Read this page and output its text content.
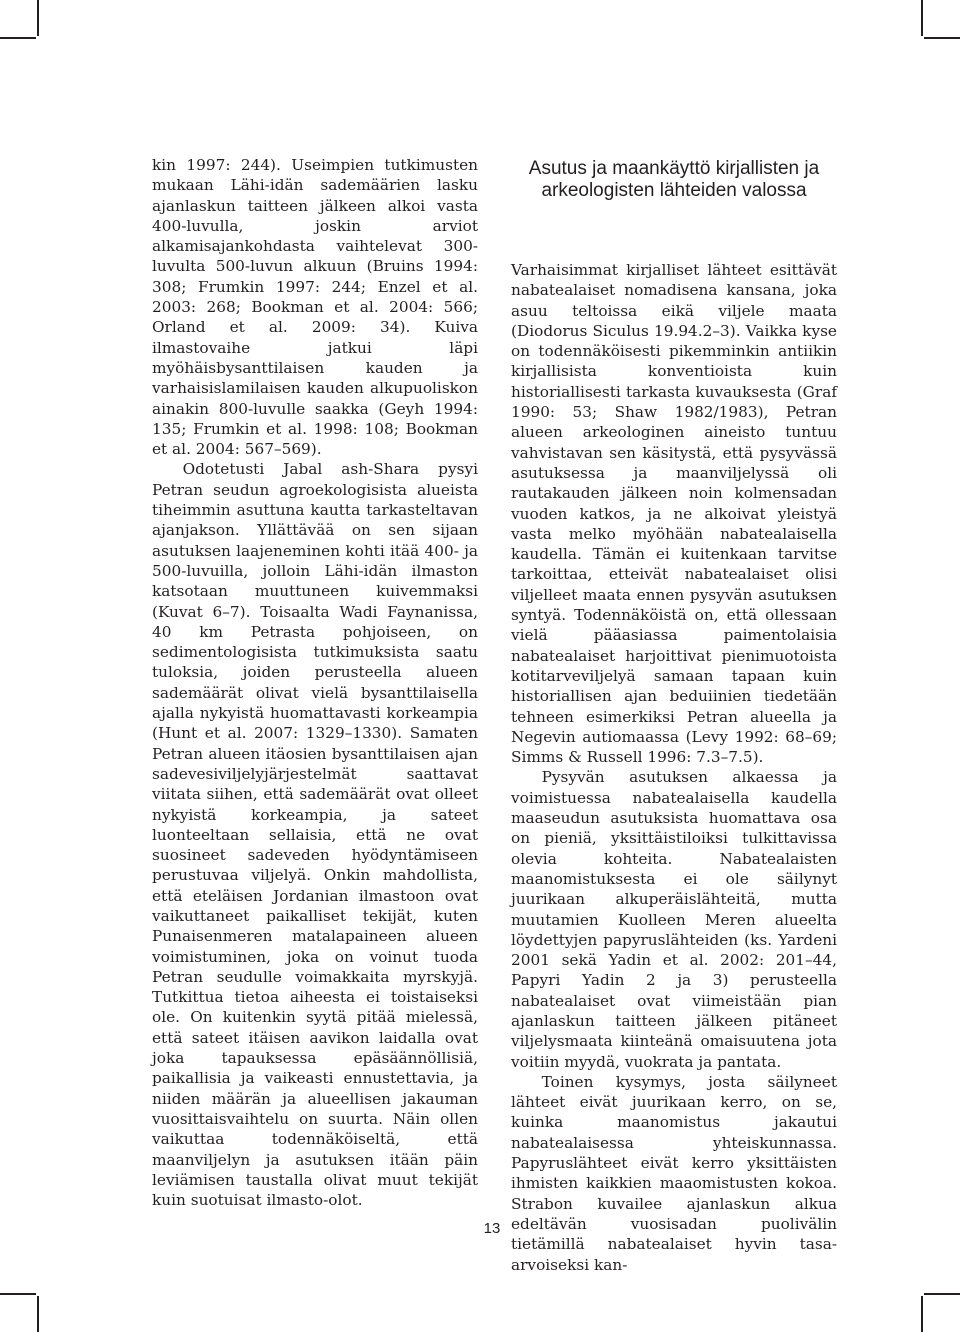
kin 1997: 244). Useimpien tutkimusten mukaan Lähi-idän sademäärien lasku ajanlaskun taitteen jälkeen alkoi vasta 400-luvulla, joskin arviot alkamisajankohdasta vaihtelevat 300-luvulta 500-luvun alkuun (Bruins 1994: 308; Frumkin 1997: 244; Enzel et al. 2003: 268; Bookman et al. 2004: 566; Orland et al. 2009: 34). Kuiva ilmastovaihe jatkui läpi myöhäisbysanttilaisen kauden ja varhaisislamilaisen kauden alkupuoliskon ainakin 800-luvulle saakka (Geyh 1994: 135; Frumkin et al. 1998: 108; Bookman et al. 2004: 567–569).

Odotetusti Jabal ash-Shara pysyi Petran seudun agroekologisista alueista tiheimmin asuttuna kautta tarkasteltavan ajanjakson. Yllättävää on sen sijaan asutuksen laajeneminen kohti itää 400- ja 500-luvuilla, jolloin Lähi-idän ilmaston katsotaan muuttuneen kuivemmaksi (Kuvat 6–7). Toisaalta Wadi Faynanissa, 40 km Petrasta pohjoiseen, on sedimentologisista tutkimuksista saatu tuloksia, joiden perusteella alueen sademäärät olivat vielä bysanttilaisella ajalla nykyistä huomattavasti korkeampia (Hunt et al. 2007: 1329–1330). Samaten Petran alueen itäosien bysanttilaisen ajan sadevesiviljelyjärjestelmät saattavat viitata siihen, että sademäärät ovat olleet nykyistä korkeampia, ja sateet luonteeltaan sellaisia, että ne ovat suosineet sadeveden hyödyntämiseen perustuvaa viljelyä. Onkin mahdollista, että eteläisen Jordanian ilmastoon ovat vaikuttaneet paikalliset tekijät, kuten Punaisenmeren matalapaineen alueen voimistuminen, joka on voinut tuoda Petran seudulle voimakkaita myrskyjä. Tutkittua tietoa aiheesta ei toistaiseksi ole. On kuitenkin syytä pitää mielessä, että sateet itäisen aavikon laidalla ovat joka tapauksessa epäsäännöllisiä, paikallisia ja vaikeasti ennustettavia, ja niiden määrän ja alueellisen jakauman vuosittaisvaihtelu on suurta. Näin ollen vaikuttaa todennäköiseltä, että maanviljelyn ja asutuksen itään päin leviämisen taustalla olivat muut tekijät kuin suotuisat ilmasto-olot.

Asutus ja maankäyttö kirjallisten ja arkeologisten lähteiden valossa

Varhaisimmat kirjalliset lähteet esittävät nabatealaiset nomadisena kansana, joka asuu teltoissa eikä viljele maata (Diodorus Siculus 19.94.2–3). Vaikka kyse on todennäköisesti pikemminkin antiikin kirjallisista konventioista kuin historiallisesti tarkasta kuvauksesta (Graf 1990: 53; Shaw 1982/1983), Petran alueen arkeologinen aineisto tuntuu vahvistavan sen käsitystä, että pysyvässä asutuksessa ja maanviljelyssä oli rautakauden jälkeen noin kolmensadan vuoden katkos, ja ne alkoivat yleistyä vasta melko myöhään nabatealaisella kaudella. Tämän ei kuitenkaan tarvitse tarkoittaa, etteivät nabatealaiset olisi viljelleet maata ennen pysyvän asutuksen syntyä. Todennäköistä on, että ollessaan vielä pääasiassa paimentolaisia nabatealaiset harjoittivat pienimuotoista kotitarveviljelyä samaan tapaan kuin historiallisen ajan beduiinien tiedetään tehneen esimerkiksi Petran alueella ja Negevin autiomaassa (Levy 1992: 68–69; Simms & Russell 1996: 7.3–7.5).

Pysyvän asutuksen alkaessa ja voimistuessa nabatealaisella kaudella maaseudun asutuksista huomattava osa on pieniä, yksittäistiloiksi tulkittavissa olevia kohteita. Nabatealaisten maanomistuksesta ei ole säilynyt juurikaan alkuperäislähteitä, mutta muutamien Kuolleen Meren alueelta löydettyjen papyruslähteiden (ks. Yardeni 2001 sekä Yadin et al. 2002: 201–44, Papyri Yadin 2 ja 3) perusteella nabatealaiset ovat viimeistään pian ajanlaskun taitteen jälkeen pitäneet viljelysmaata kiinteänä omaisuutena jota voitiin myydä, vuokrata ja pantata.

Toinen kysymys, josta säilyneet lähteet eivät juurikaan kerro, on se, kuinka maanomistus jakautui nabatealaisessa yhteiskunnassa. Papyruslähteet eivät kerro yksittäisten ihmisten kaikkien maaomistusten kokoa. Strabon kuvailee ajanlaskun alkua edeltävän vuosisadan puolivälin tietämillä nabatealaiset hyvin tasa-arvoiseksi kan-

13
